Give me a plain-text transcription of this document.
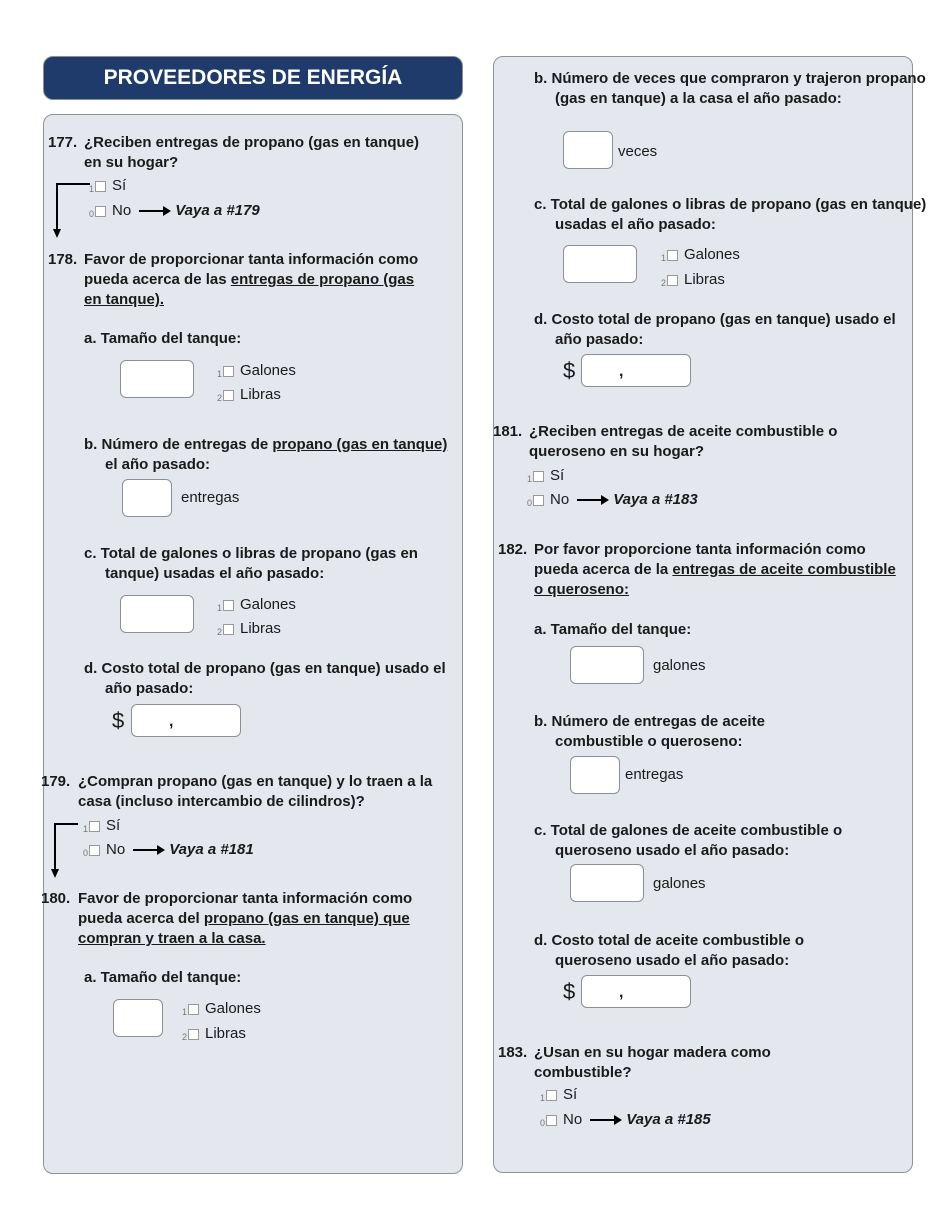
PROVEEDORES DE ENERGÍA
177. ¿Reciben entregas de propano (gas en tanque) en su hogar?
1 Sí
0 No	Vaya a #179
178. Favor de proporcionar tanta información como pueda acerca de las entregas de propano (gas en tanque).
a. Tamaño del tanque:
1 Galones
2 Libras
b. Número de entregas de propano (gas en tanque) el año pasado:
entregas
c. Total de galones o libras de propano (gas en tanque) usadas el año pasado:
1 Galones
2 Libras
d. Costo total de propano (gas en tanque) usado el año pasado:
$	,
179. ¿Compran propano (gas en tanque) y lo traen a la casa (incluso intercambio de cilindros)?
1 Sí
0 No	Vaya a #181
180. Favor de proporcionar tanta información como pueda acerca del propano (gas en tanque) que compran y traen a la casa.
a. Tamaño del tanque:
1 Galones
2 Libras
b. Número de veces que compraron y trajeron propano (gas en tanque) a la casa el año pasado:
veces
c. Total de galones o libras de propano (gas en tanque) usadas el año pasado:
1 Galones
2 Libras
d. Costo total de propano (gas en tanque) usado el año pasado:
$	,
181. ¿Reciben entregas de aceite combustible o queroseno en su hogar?
1 Sí
0 No	Vaya a #183
182. Por favor proporcione tanta información como pueda acerca de la entregas de aceite combustible o queroseno:
a. Tamaño del tanque:
galones
b. Número de entregas de aceite combustible o queroseno:
entregas
c. Total de galones de aceite combustible o queroseno usado el año pasado:
galones
d. Costo total de aceite combustible o queroseno usado el año pasado:
$	,
183. ¿Usan en su hogar madera como combustible?
1 Sí
0 No	Vaya a #185
